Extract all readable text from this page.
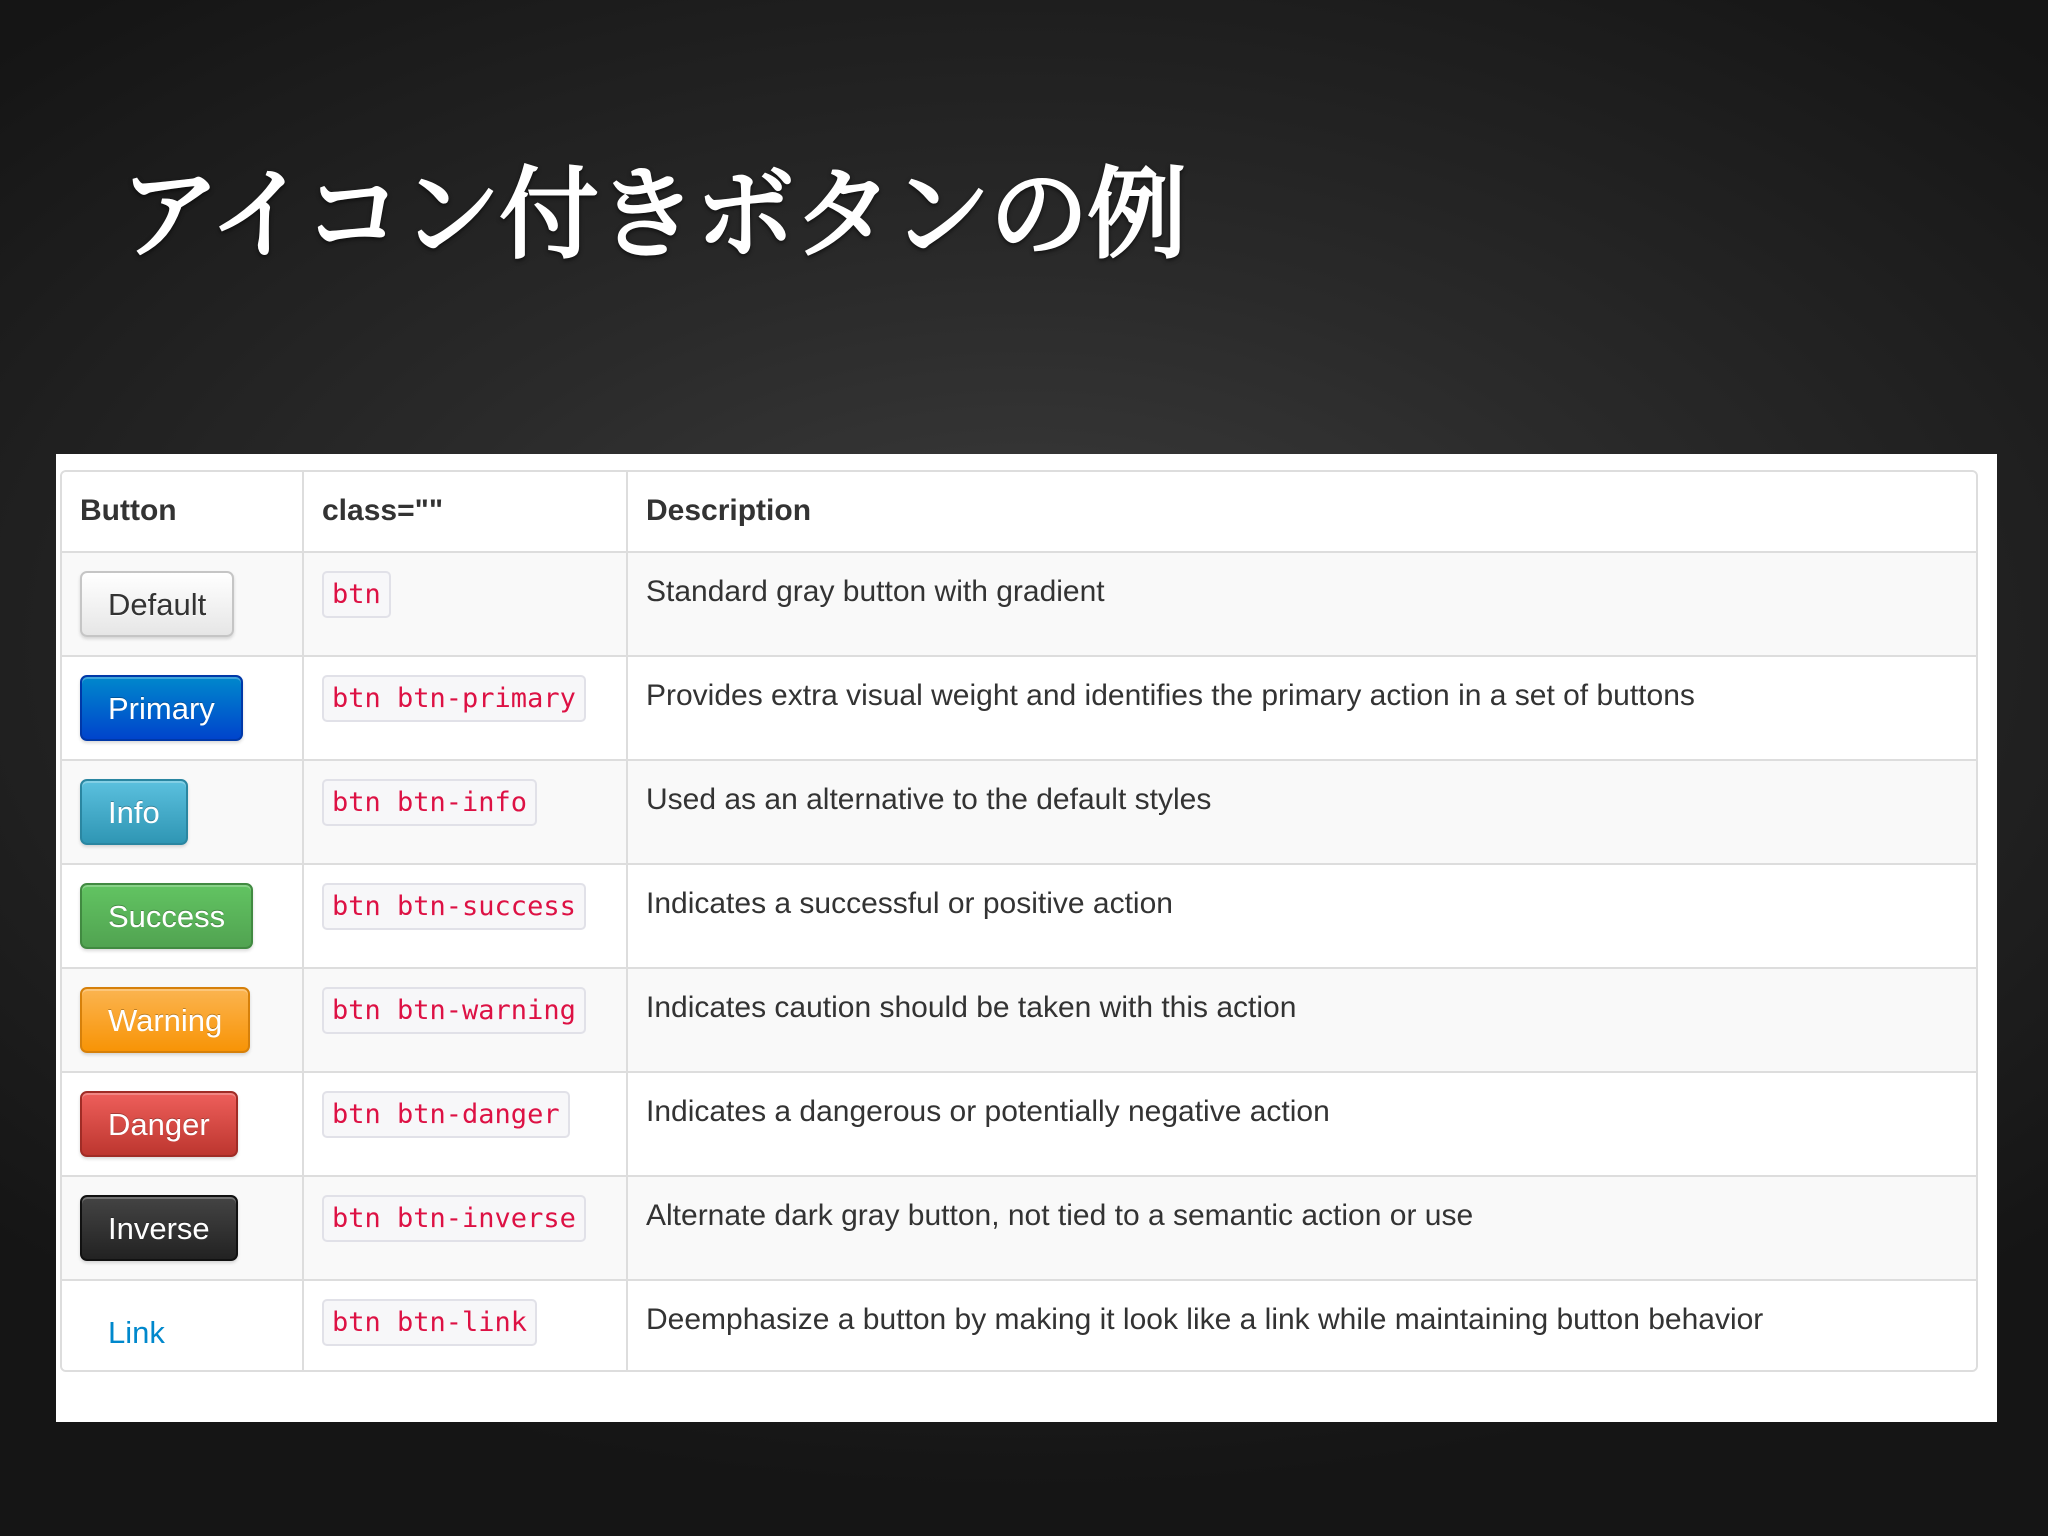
アイコン付きボタンの例
Button	class=""	Description
Default	btn	Standard gray button with gradient
Primary	btn btn-primary	Provides extra visual weight and identifies the primary action in a set of buttons
Info	btn btn-info	Used as an alternative to the default styles
Success	btn btn-success	Indicates a successful or positive action
Warning	btn btn-warning	Indicates caution should be taken with this action
Danger	btn btn-danger	Indicates a dangerous or potentially negative action
Inverse	btn btn-inverse	Alternate dark gray button, not tied to a semantic action or use
Link	btn btn-link	Deemphasize a button by making it look like a link while maintaining button behavior
